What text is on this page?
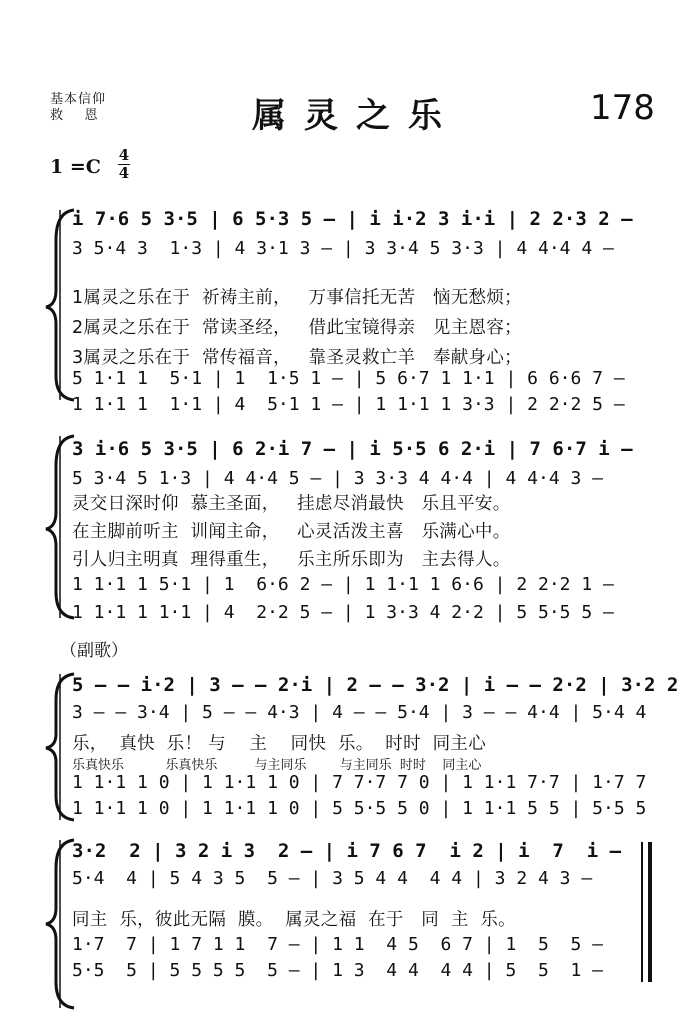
基本信仰
救    恩	属灵之乐	178
1 =C
4
4
i 7·6 5 3·5 | 6 5·3 5 – | i i·2 3 i·i | 2 2·3 2 –
3 5·4 3  1·3 | 4 3·1 3 – | 3 3·4 5 3·3 | 4 4·4 4 –
1属灵之乐在于  祈祷主前，   万事信托无苦   恼无愁烦；
2属灵之乐在于  常读圣经，   借此宝镜得亲   见主恩容；
3属灵之乐在于  常传福音，   靠圣灵救亡羊   奉献身心；
5 1·1 1  5·1 | 1  1·5 1 – | 5 6·7 1 1·1 | 6 6·6 7 –
1 1·1 1  1·1 | 4  5·1 1 – | 1 1·1 1 3·3 | 2 2·2 5 –
3 i·6 5 3·5 | 6 2·i 7 – | i 5·5 6 2·i | 7 6·7 i –
5 3·4 5 1·3 | 4 4·4 5 – | 3 3·3 4 4·4 | 4 4·4 3 –
灵交日深时仰  慕主圣面，   挂虑尽消最快   乐且平安。
在主脚前听主  训闻主命，   心灵活泼主喜   乐满心中。
引人归主明真  理得重生，   乐主所乐即为   主去得人。
1 1·1 1 5·1 | 1  6·6 2 – | 1 1·1 1 6·6 | 2 2·2 1 –
1 1·1 1 1·1 | 4  2·2 5 – | 1 3·3 4 2·2 | 5 5·5 5 –
（副歌）
5 – – i·2 | 3 – – 2·i | 2 – – 3·2 | i – – 2·2 | 3·2 2
3 – – 3·4 | 5 – – 4·3 | 4 – – 5·4 | 3 – – 4·4 | 5·4 4
乐，  真快  乐！ 与    主    同快  乐。  时时  同主心
乐真快乐          乐真快乐         与主同乐        与主同乐  时时    同主心
1 1·1 1 0 | 1 1·1 1 0 | 7 7·7 7 0 | 1 1·1 7·7 | 1·7 7
1 1·1 1 0 | 1 1·1 1 0 | 5 5·5 5 0 | 1 1·1 5 5 | 5·5 5
3·2  2 | 3 2 i 3  2 – | i 7 6 7  i 2 | i  7  i –
5·4  4 | 5 4 3 5  5 – | 3 5 4 4  4 4 | 3 2 4 3 –
同主  乐，彼此无隔  膜。  属灵之福  在于   同  主  乐。
1·7  7 | 1 7 1 1  7 – | 1 1  4 5  6 7 | 1  5  5 –
5·5  5 | 5 5 5 5  5 – | 1 3  4 4  4 4 | 5  5  1 –
